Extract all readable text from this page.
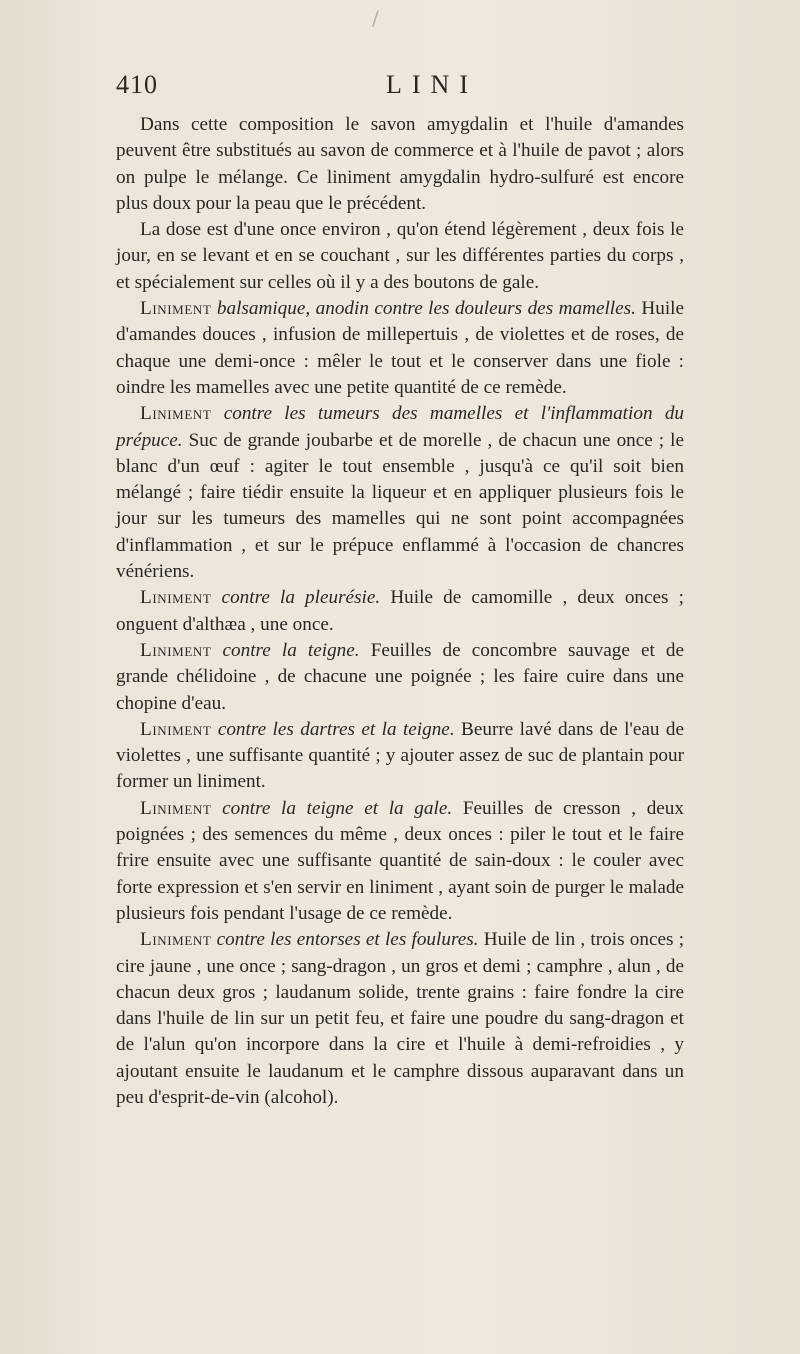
/
410	LINI

Dans cette composition le savon amygdalin et l'huile d'amandes peuvent être substitués au savon de commerce et à l'huile de pavot ; alors on pulpe le mélange. Ce liniment amygdalin hydro-sulfuré est encore plus doux pour la peau que le précédent.

La dose est d'une once environ , qu'on étend légèrement , deux fois le jour, en se levant et en se couchant , sur les différentes parties du corps , et spécialement sur celles où il y a des boutons de gale.

Liniment balsamique, anodin contre les douleurs des mamelles. Huile d'amandes douces , infusion de millepertuis , de violettes et de roses, de chaque une demi-once : mêler le tout et le conserver dans une fiole : oindre les mamelles avec une petite quantité de ce remède.

Liniment contre les tumeurs des mamelles et l'inflammation du prépuce. Suc de grande joubarbe et de morelle , de chacun une once ; le blanc d'un œuf : agiter le tout ensemble , jusqu'à ce qu'il soit bien mélangé ; faire tiédir ensuite la liqueur et en appliquer plusieurs fois le jour sur les tumeurs des mamelles qui ne sont point accompagnées d'inflammation , et sur le prépuce enflammé à l'occasion de chancres vénériens.

Liniment contre la pleurésie. Huile de camomille , deux onces ; onguent d'althæa , une once.

Liniment contre la teigne. Feuilles de concombre sauvage et de grande chélidoine , de chacune une poignée ; les faire cuire dans une chopine d'eau.

Liniment contre les dartres et la teigne. Beurre lavé dans de l'eau de violettes , une suffisante quantité ; y ajouter assez de suc de plantain pour former un liniment.

Liniment contre la teigne et la gale. Feuilles de cresson , deux poignées ; des semences du même , deux onces : piler le tout et le faire frire ensuite avec une suffisante quantité de sain-doux : le couler avec forte expression et s'en servir en liniment , ayant soin de purger le malade plusieurs fois pendant l'usage de ce remède.

Liniment contre les entorses et les foulures. Huile de lin , trois onces ; cire jaune , une once ; sang-dragon , un gros et demi ; camphre , alun , de chacun deux gros ; laudanum solide, trente grains : faire fondre la cire dans l'huile de lin sur un petit feu, et faire une poudre du sang-dragon et de l'alun qu'on incorpore dans la cire et l'huile à demi-refroidies , y ajoutant ensuite le laudanum et le camphre dissous auparavant dans un peu d'esprit-de-vin (alcohol).
